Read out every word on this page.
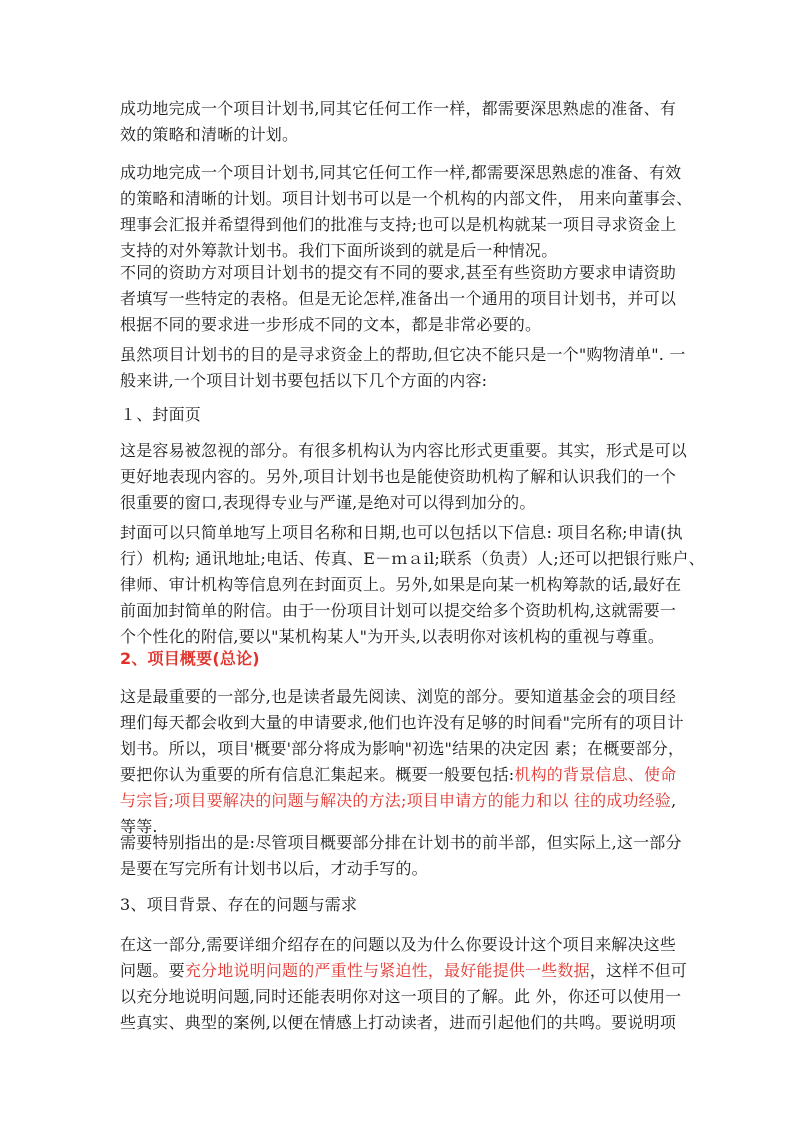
成功地完成一个项目计划书,同其它任何工作一样，都需要深思熟虑的准备、有
效的策略和清晰的计划。
成功地完成一个项目计划书,同其它任何工作一样,都需要深思熟虑的准备、有效
的策略和清晰的计划。项目计划书可以是一个机构的内部文件， 用来向董事会、
理事会汇报并希望得到他们的批准与支持;也可以是机构就某一项目寻求资金上
支持的对外筹款计划书。我们下面所谈到的就是后一种情况。
不同的资助方对项目计划书的提交有不同的要求,甚至有些资助方要求申请资助
者填写一些特定的表格。但是无论怎样,准备出一个通用的项目计划书，并可以
根据不同的要求进一步形成不同的文本，都是非常必要的。
虽然项目计划书的目的是寻求资金上的帮助,但它决不能只是一个"购物清单". 一
般来讲,一个项目计划书要包括以下几个方面的内容:
１、封面页
这是容易被忽视的部分。有很多机构认为内容比形式更重要。其实，形式是可以
更好地表现内容的。另外,项目计划书也是能使资助机构了解和认识我们的一个
很重要的窗口,表现得专业与严谨,是绝对可以得到加分的。
封面可以只简单地写上项目名称和日期,也可以包括以下信息: 项目名称;申请(执
行）机构; 通讯地址;电话、传真、E－ｍａil;联系（负责）人;还可以把银行账户、
律师、审计机构等信息列在封面页上。另外,如果是向某一机构筹款的话,最好在
前面加封简单的附信。由于一份项目计划可以提交给多个资助机构,这就需要一
个个性化的附信,要以"某机构某人"为开头,以表明你对该机构的重视与尊重。
2、项目概要(总论)
这是最重要的一部分,也是读者最先阅读、浏览的部分。要知道基金会的项目经
理们每天都会收到大量的申请要求,他们也许没有足够的时间看"完所有的项目计
划书。所以，项目'概要'部分将成为影响"初选"结果的决定因 素；在概要部分，
要把你认为重要的所有信息汇集起来。概要一般要包括:机构的背景信息、使命
与宗旨;项目要解决的问题与解决的方法;项目申请方的能力和以 往的成功经验,
等等.
需要特别指出的是:尽管项目概要部分排在计划书的前半部，但实际上,这一部分
是要在写完所有计划书以后，才动手写的。
3、项目背景、存在的问题与需求
在这一部分,需要详细介绍存在的问题以及为什么你要设计这个项目来解决这些
问题。要充分地说明问题的严重性与紧迫性，最好能提供一些数据，这样不但可
以充分地说明问题,同时还能表明你对这一项目的了解。此 外，你还可以使用一
些真实、典型的案例,以便在情感上打动读者，进而引起他们的共鸣。要说明项
